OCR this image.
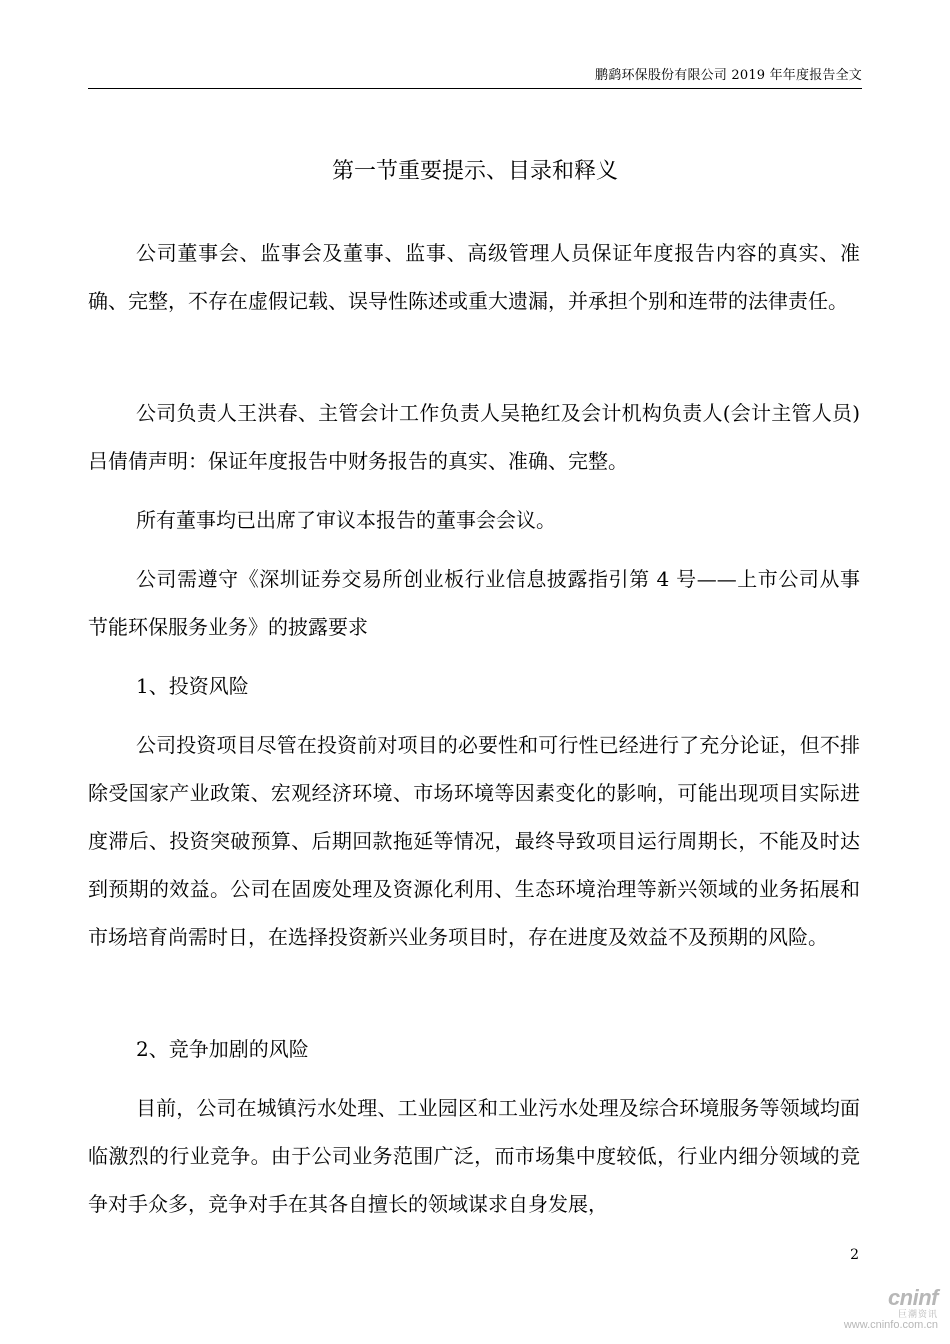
鹏鹞环保股份有限公司 2019 年年度报告全文
第一节重要提示、目录和释义

公司董事会、监事会及董事、监事、高级管理人员保证年度报告内容的真实、准确、完整，不存在虚假记载、误导性陈述或重大遗漏，并承担个别和连带的法律责任。

公司负责人王洪春、主管会计工作负责人吴艳红及会计机构负责人(会计主管人员)吕倩倩声明：保证年度报告中财务报告的真实、准确、完整。

所有董事均已出席了审议本报告的董事会会议。

公司需遵守《深圳证券交易所创业板行业信息披露指引第 4 号——上市公司从事节能环保服务业务》的披露要求

1、投资风险

公司投资项目尽管在投资前对项目的必要性和可行性已经进行了充分论证，但不排除受国家产业政策、宏观经济环境、市场环境等因素变化的影响，可能出现项目实际进度滞后、投资突破预算、后期回款拖延等情况，最终导致项目运行周期长，不能及时达到预期的效益。公司在固废处理及资源化利用、生态环境治理等新兴领域的业务拓展和市场培育尚需时日，在选择投资新兴业务项目时，存在进度及效益不及预期的风险。

2、竞争加剧的风险

目前，公司在城镇污水处理、工业园区和工业污水处理及综合环境服务等领域均面临激烈的行业竞争。由于公司业务范围广泛，而市场集中度较低，行业内细分领域的竞争对手众多，竞争对手在其各自擅长的领域谋求自身发展，

2
cninf
巨潮资讯
www.cninfo.com.cn
